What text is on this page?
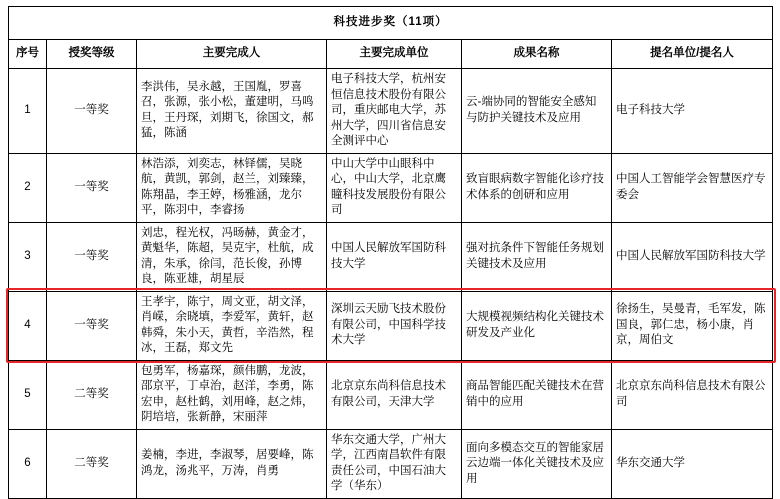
科技进步奖（11项）					
序号	授奖等级	主要完成人	主要完成单位	成果名称	提名单位/提名人
1	一等奖	李洪伟，吴永越，王国胤，罗喜召，张源，张小松，董建明，马鸣旦，王丹琛，刘期飞，徐国文，郝猛，陈涵	电子科技大学，杭州安恒信息技术股份有限公司，重庆邮电大学，苏州大学，四川省信息安全测评中心	云-端协同的智能安全感知与防护关键技术及应用	电子科技大学
2	一等奖	林浩添，刘奕志，林铎儒，吴晓航，黄凯，郭剑，赵兰，刘臻臻，陈翔晶，李王婷，杨雅涵，龙尔平，陈羽中，李睿扬	中山大学中山眼科中心，中山大学，北京鹰瞳科技发展股份有限公司	致盲眼病数字智能化诊疗技术体系的创研和应用	中国人工智能学会智慧医疗专委会
3	一等奖	刘忠，程光权，冯旸赫，黄金才，黄魁华，陈超，吴克宇，杜航，成清，朱承，徐闫，范长俊，孙博良，陈亚雄，胡星辰	中国人民解放军国防科技大学	强对抗条件下智能任务规划关键技术及应用	中国人民解放军国防科技大学
4	一等奖	王孝宇，陈宁，周文亚，胡文泽，肖嵘，余晓填，李爱军，黄轩，赵韩舜，朱小天，黄哲，辛浩然，程冰，王磊，郑文先	深圳云天励飞技术股份有限公司，中国科学技术大学	大规模视频结构化关键技术研发及产业化	徐扬生，吴曼青，毛军发，陈国良，郭仁忠，杨小康，肖京，周伯文
5	二等奖	包勇军，杨嘉琛，颜伟鹏，龙波，邵京平，丁卓治，赵洋，李勇，陈宏申，赵杜鹤，刘用峰，赵之炜，阴培培，张新静，宋丽萍	北京京东尚科信息技术有限公司，天津大学	商品智能匹配关键技术在营销中的应用	北京京东尚科信息技术有限公司
6	二等奖	姜楠，李进，李淑琴，居要峰，陈鸿龙，汤兆平，万涛，肖勇	华东交通大学，广州大学，江西南昌软件有限责任公司，中国石油大学（华东）	面向多模态交互的智能家居云边端一体化关键技术及应用	华东交通大学
